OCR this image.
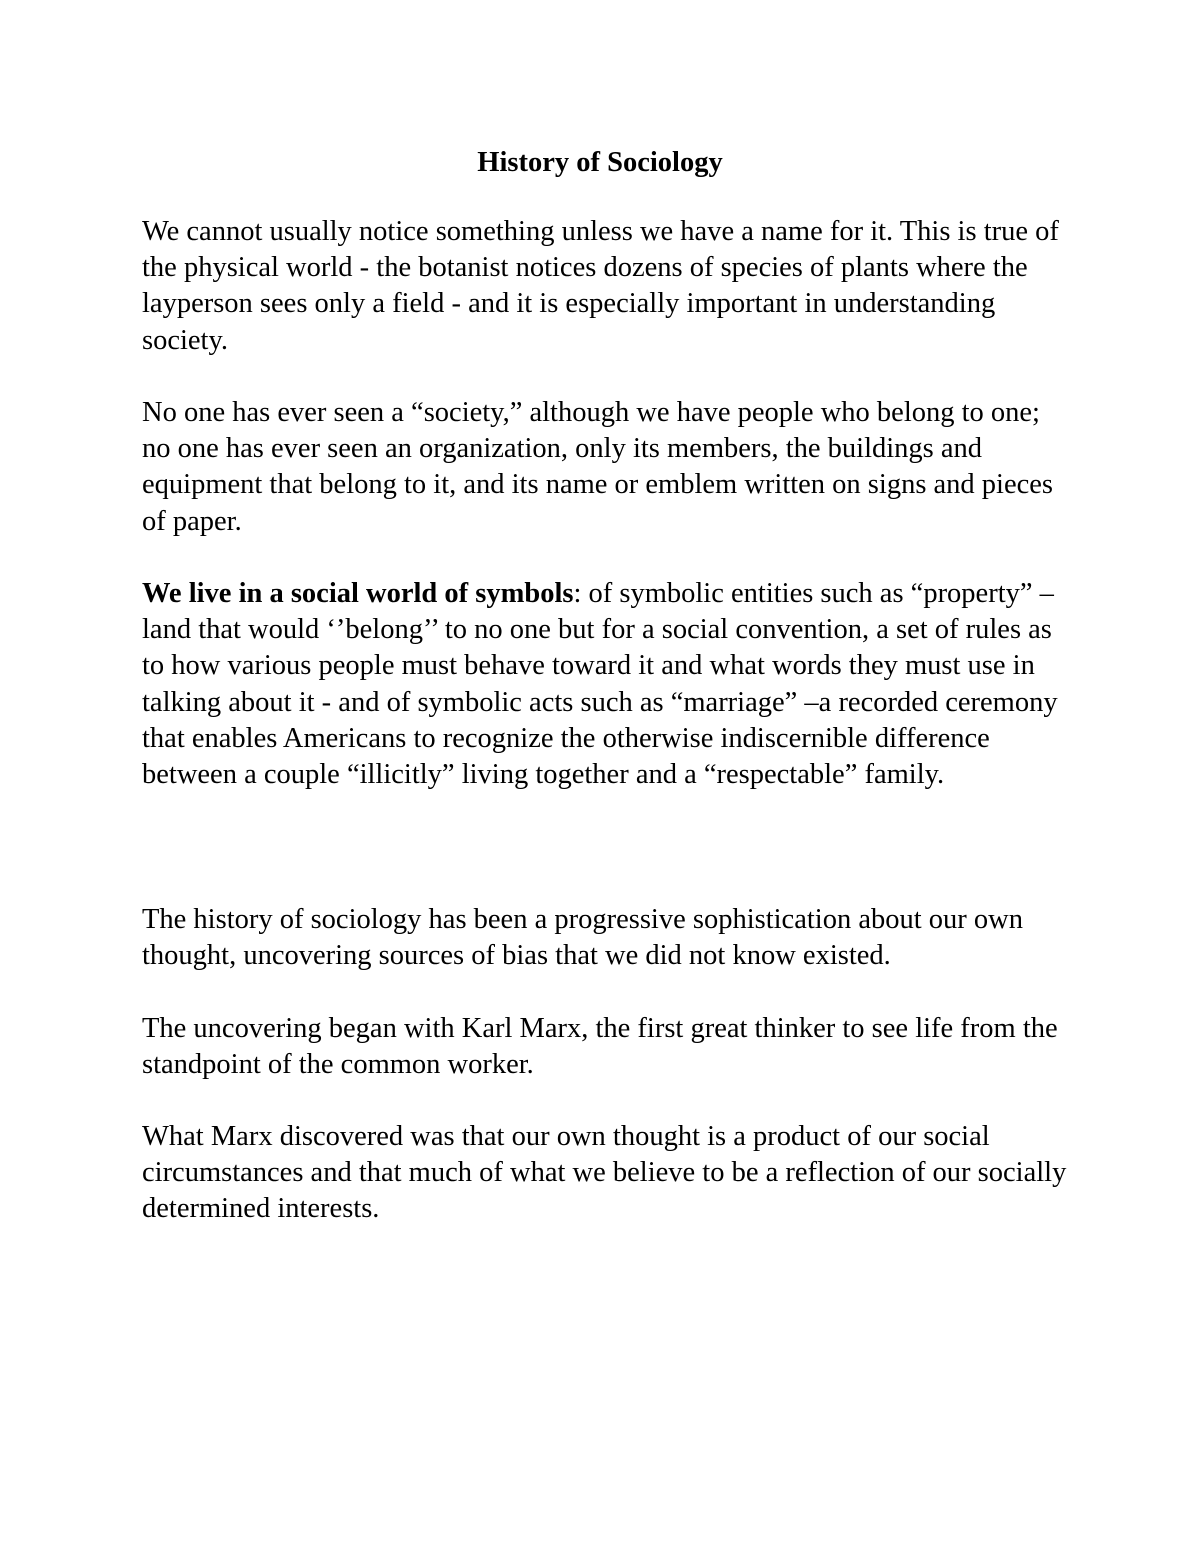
History of Sociology

We cannot usually notice something unless we have a name for it. This is true of the physical world - the botanist notices dozens of species of plants where the layperson sees only a field - and it is especially important in understanding society.

No one has ever seen a “society,” although we have people who belong to one; no one has ever seen an organization, only its members, the buildings and equipment that belong to it, and its name or emblem written on signs and pieces of paper.

We live in a social world of symbols: of symbolic entities such as “property” –land that would ‘’belong’’ to no one but for a social convention, a set of rules as to how various people must behave toward it and what words they must use in talking about it - and of symbolic acts such as “marriage” –a recorded ceremony that enables Americans to recognize the otherwise indiscernible difference between a couple “illicitly” living together and a “respectable” family.

The history of sociology has been a progressive sophistication about our own thought, uncovering sources of bias that we did not know existed.

The uncovering began with Karl Marx, the first great thinker to see life from the standpoint of the common worker.

What Marx discovered was that our own thought is a product of our social circumstances and that much of what we believe to be a reflection of our socially determined interests.
